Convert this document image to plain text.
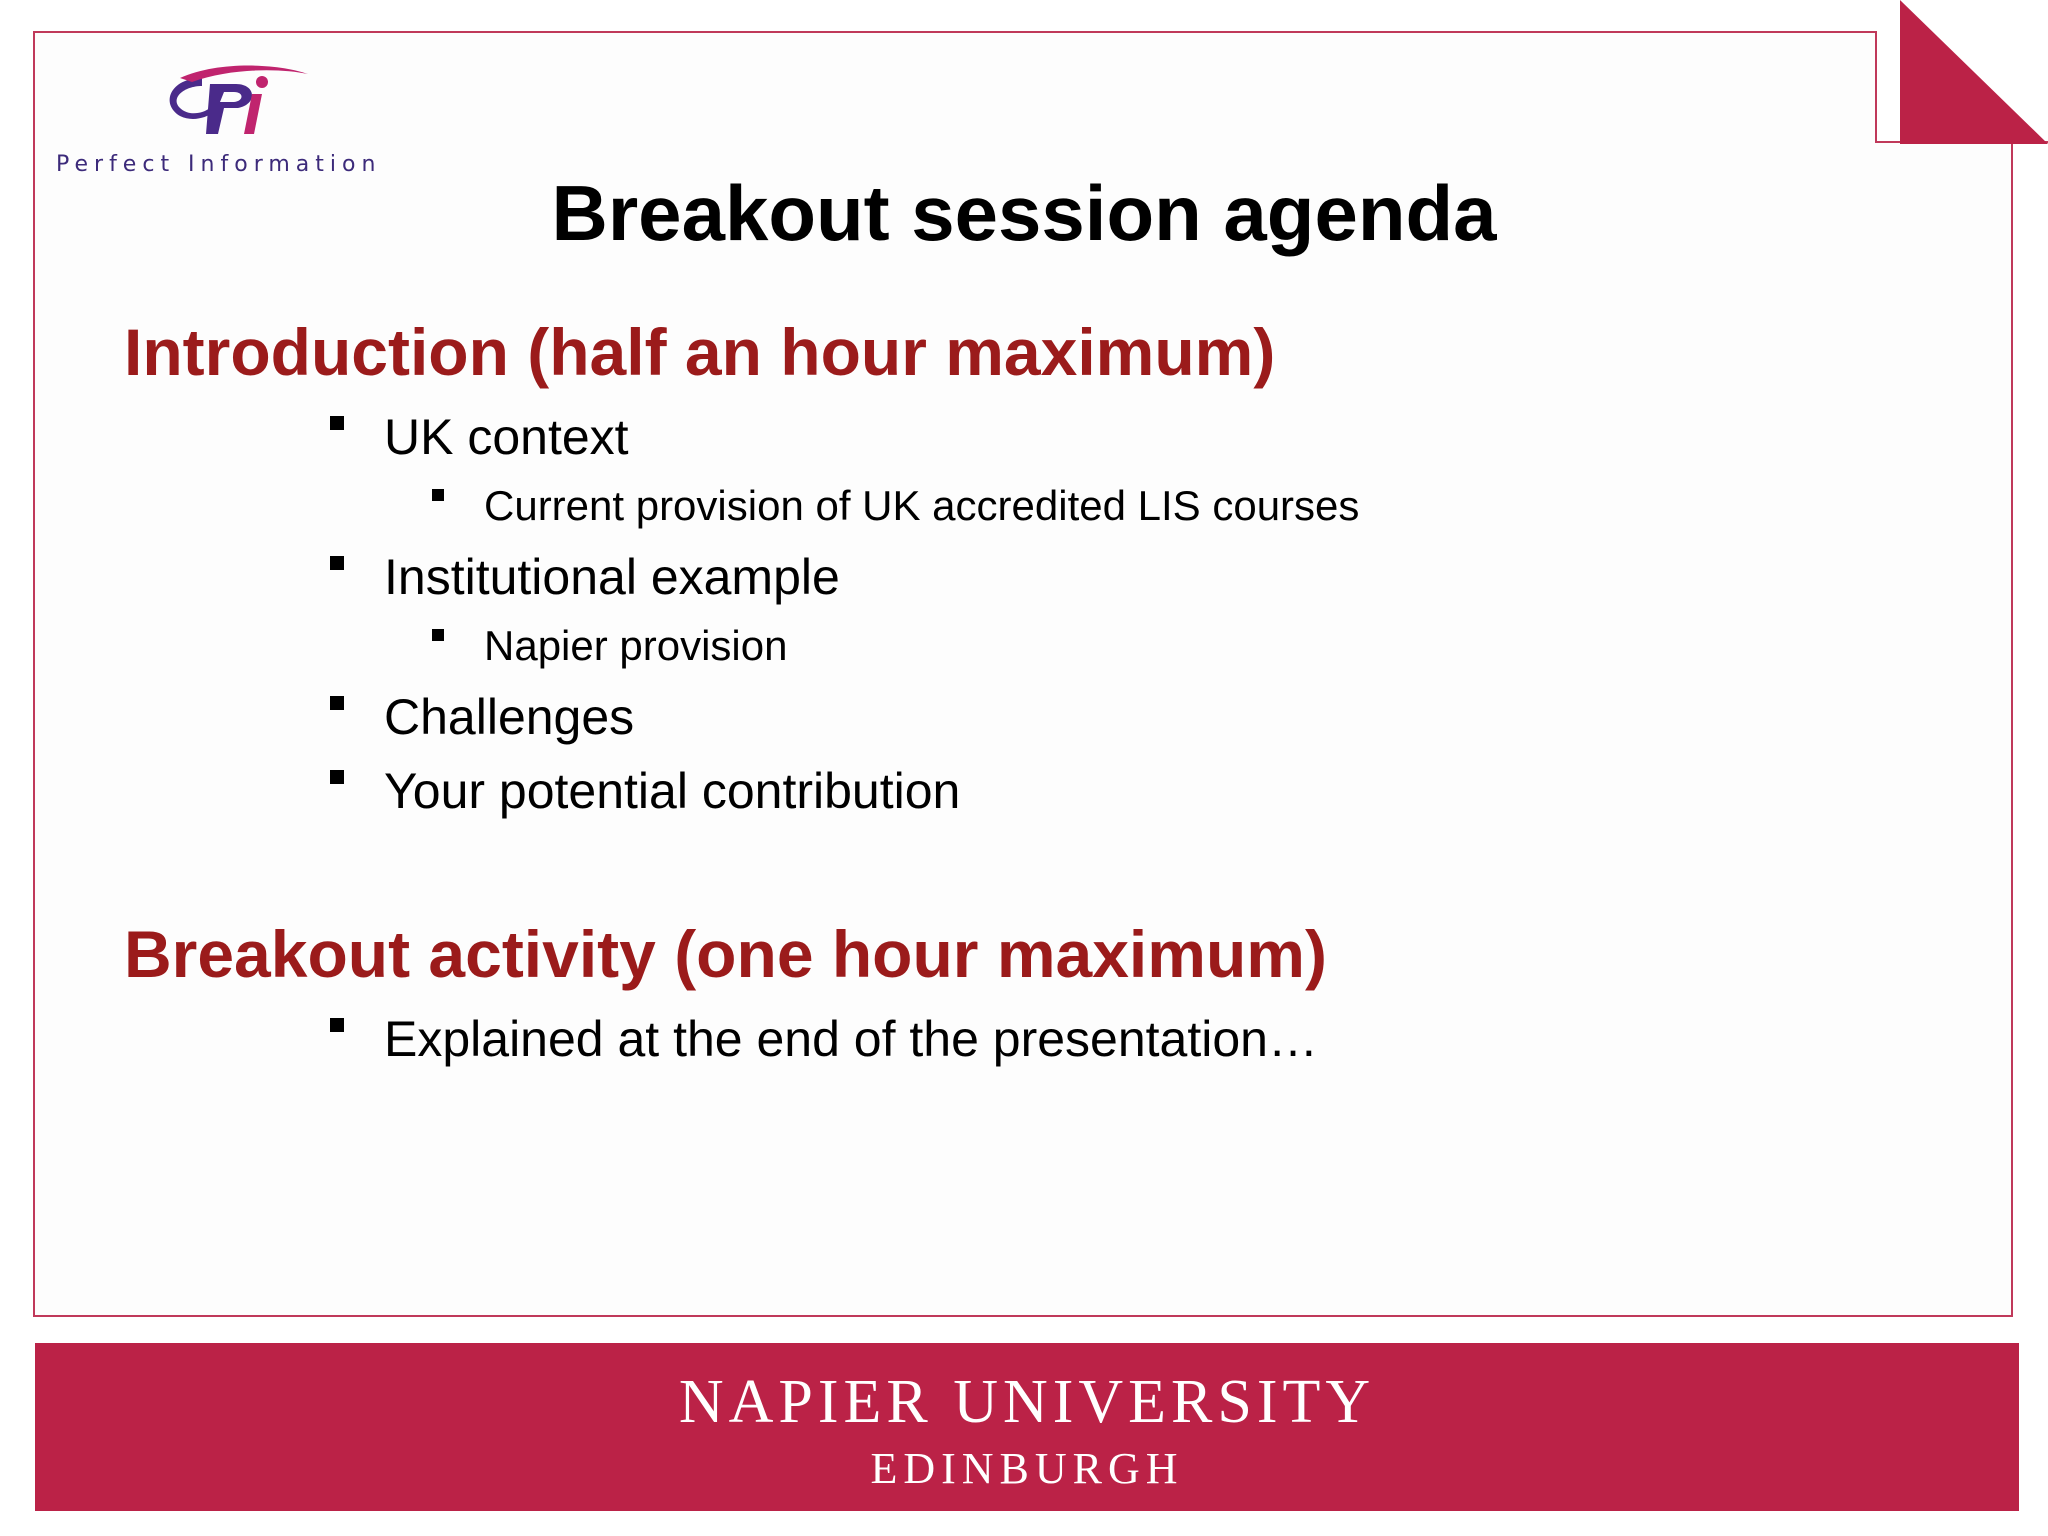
Perfect Information
Breakout session agenda
Introduction (half an hour maximum)
UK context
Current provision of UK accredited LIS courses
Institutional example
Napier provision
Challenges
Your potential contribution
Breakout activity (one hour maximum)
Explained at the end of the presentation…
NAPIER UNIVERSITY
EDINBURGH
